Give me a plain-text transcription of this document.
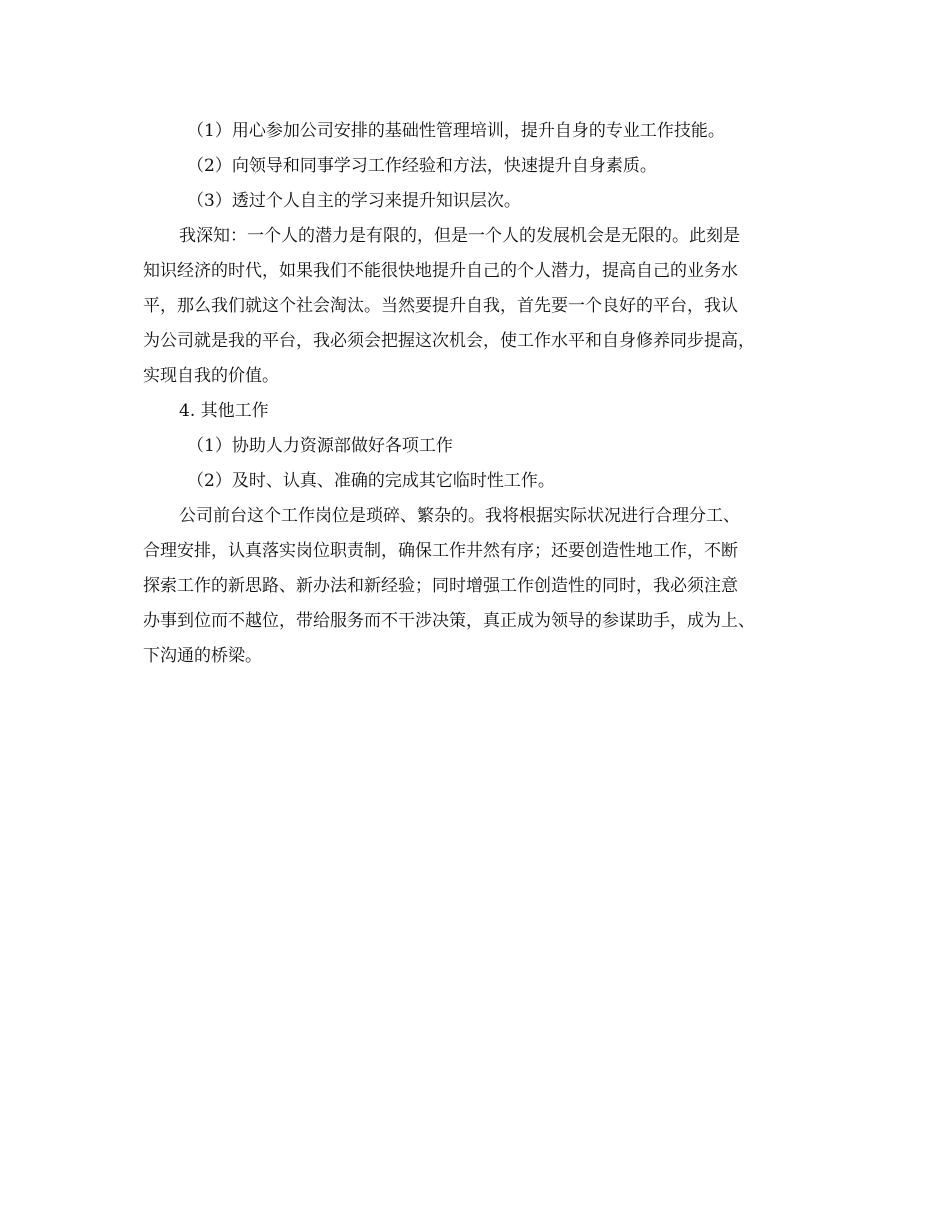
（1）用心参加公司安排的基础性管理培训，提升自身的专业工作技能。

（2）向领导和同事学习工作经验和方法，快速提升自身素质。

（3）透过个人自主的学习来提升知识层次。

我深知：一个人的潜力是有限的，但是一个人的发展机会是无限的。此刻是

知识经济的时代，如果我们不能很快地提升自己的个人潜力，提高自己的业务水

平，那么我们就这个社会淘汰。当然要提升自我，首先要一个良好的平台，我认

为公司就是我的平台，我必须会把握这次机会，使工作水平和自身修养同步提高，

实现自我的价值。

4. 其他工作

（1）协助人力资源部做好各项工作

（2）及时、认真、准确的完成其它临时性工作。

公司前台这个工作岗位是琐碎、繁杂的。我将根据实际状况进行合理分工、

合理安排，认真落实岗位职责制，确保工作井然有序；还要创造性地工作，不断

探索工作的新思路、新办法和新经验；同时增强工作创造性的同时，我必须注意

办事到位而不越位，带给服务而不干涉决策，真正成为领导的参谋助手，成为上、

下沟通的桥梁。
